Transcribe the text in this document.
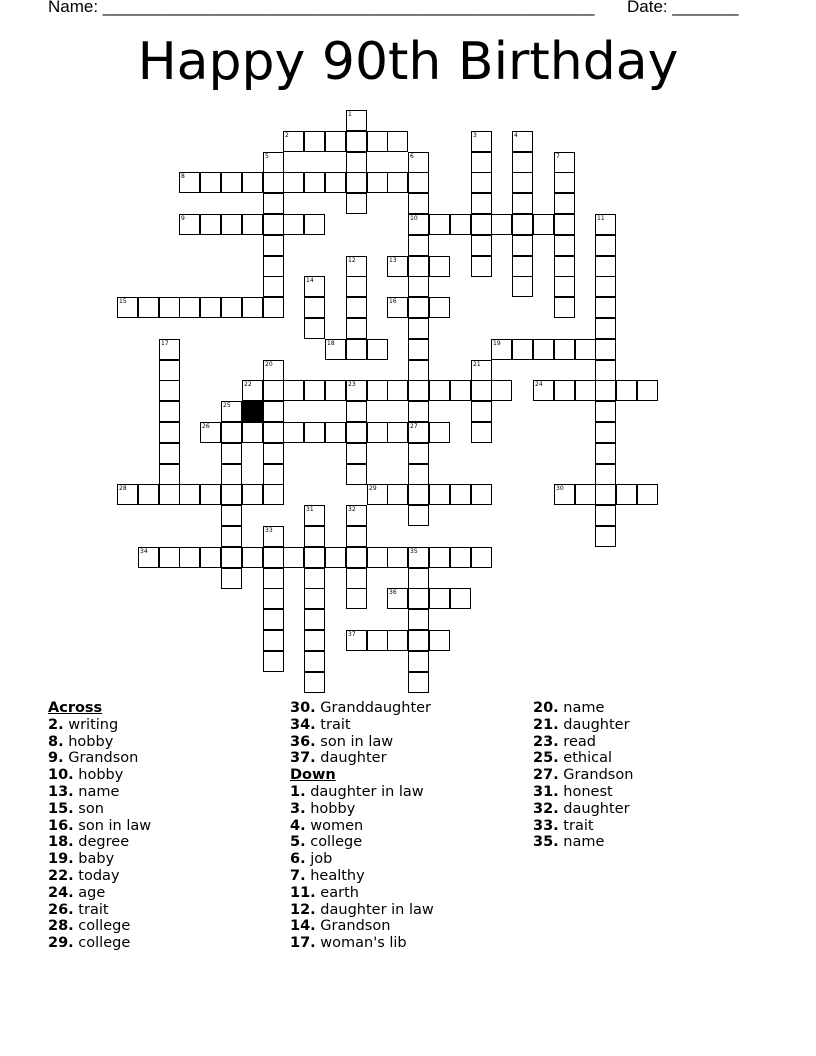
Name: ____________________________________________________ Date: _______
Happy 90th Birthday
1
2	3	4
5	6
10
27
7
8
9	11
12	13
14
15	16
17	18	19
20	21
22	23	24
25
26
28	29	30
31	32
33
34	35
36
37
Across
2. writing
8. hobby
9. Grandson
10. hobby
13. name
15. son
16. son in law
18. degree
19. baby
22. today
24. age
26. trait
28. college
29. college
30. Granddaughter
34. trait
36. son in law
37. daughter
Down
1. daughter in law
3. hobby
4. women
5. college
6. job
7. healthy
11. earth
12. daughter in law
14. Grandson
17. woman's lib
20. name
21. daughter
23. read
25. ethical
27. Grandson
31. honest
32. daughter
33. trait
35. name
